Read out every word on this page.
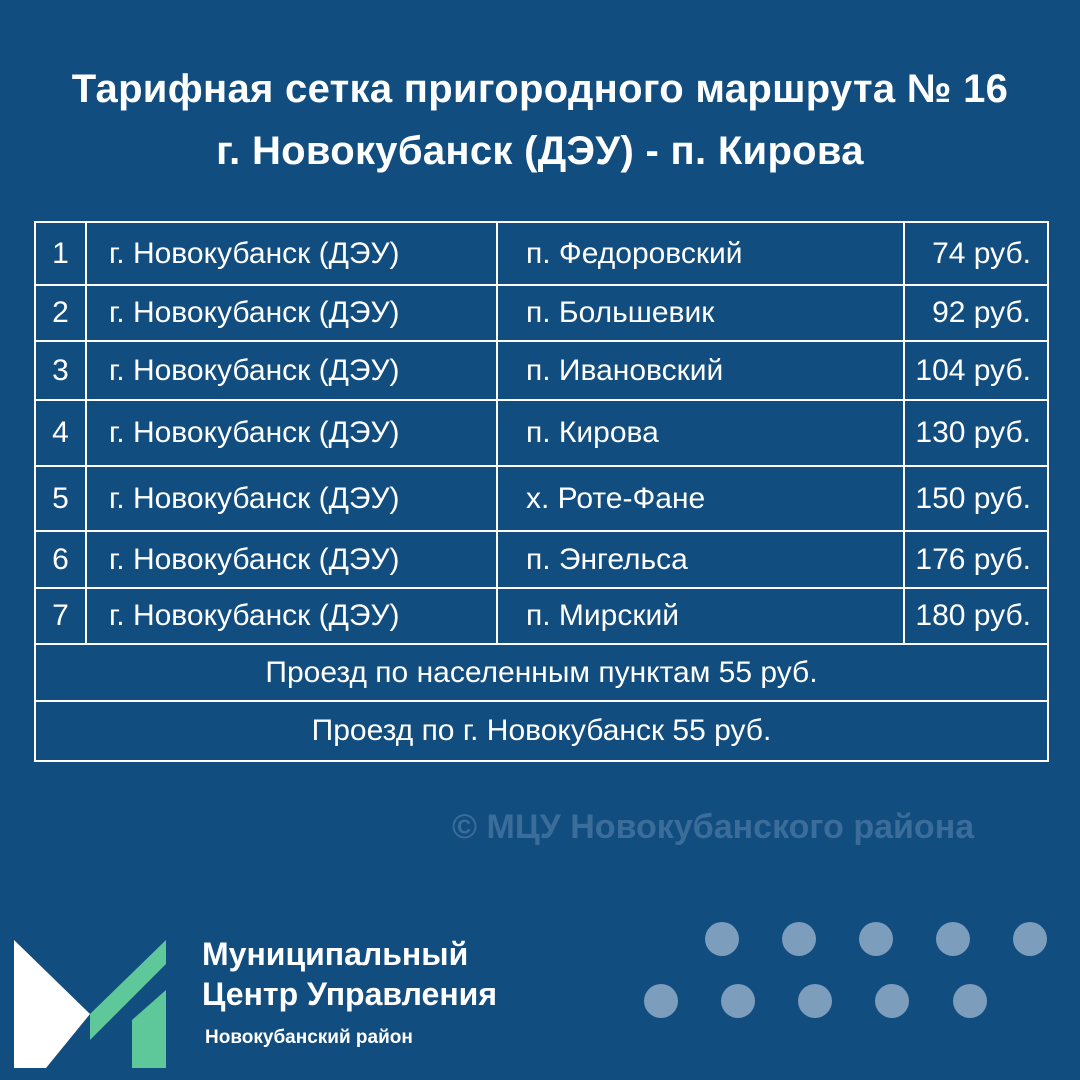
Тарифная сетка пригородного маршрута № 16
г. Новокубанск (ДЭУ) - п. Кирова
1	г. Новокубанск (ДЭУ)	п. Федоровский	74 руб.
2	г. Новокубанск (ДЭУ)	п. Большевик	92 руб.
3	г. Новокубанск (ДЭУ)	п. Ивановский	104 руб.
4	г. Новокубанск (ДЭУ)	п. Кирова	130 руб.
5	г. Новокубанск (ДЭУ)	х. Роте-Фане	150 руб.
6	г. Новокубанск (ДЭУ)	п. Энгельса	176 руб.
7	г. Новокубанск (ДЭУ)	п. Мирский	180 руб.
Проезд по населенным пунктам 55 руб.			
Проезд по г. Новокубанск 55 руб.			
© МЦУ Новокубанского района
Муниципальный
Центр Управления
Новокубанский район
